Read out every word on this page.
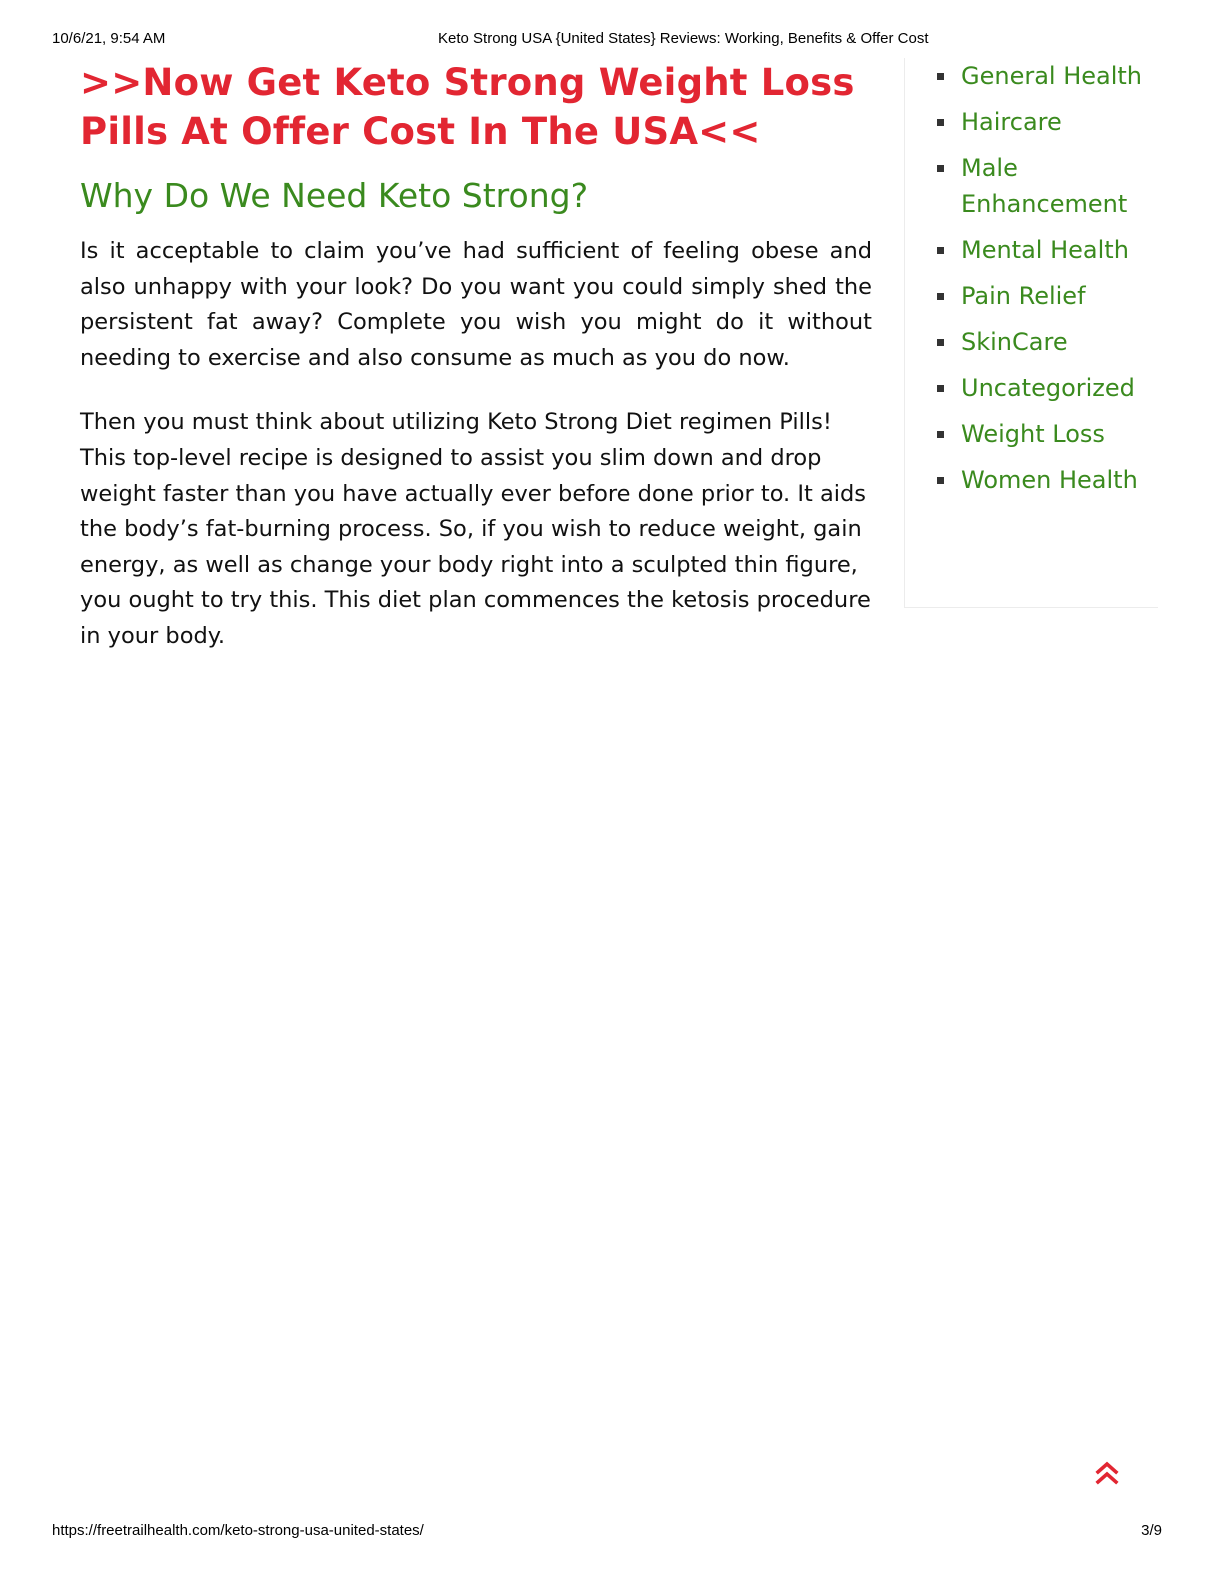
10/6/21, 9:54 AM	Keto Strong USA {United States} Reviews: Working, Benefits & Offer Cost
>>Now Get Keto Strong Weight Loss Pills At Offer Cost In The USA<<
Why Do We Need Keto Strong?

Is it acceptable to claim you’ve had sufficient of feeling obese and also unhappy with your look? Do you want you could simply shed the persistent fat away? Complete you wish you might do it without needing to exercise and also consume as much as you do now.

Then you must think about utilizing Keto Strong Diet regimen Pills! This top-level recipe is designed to assist you slim down and drop weight faster than you have actually ever before done prior to. It aids the body’s fat-burning process. So, if you wish to reduce weight, gain energy, as well as change your body right into a sculpted thin figure, you ought to try this. This diet plan commences the ketosis procedure in your body.

General Health
Haircare
Male Enhancement
Mental Health
Pain Relief
SkinCare
Uncategorized
Weight Loss
Women Health
https://freetrailhealth.com/keto-strong-usa-united-states/	3/9
